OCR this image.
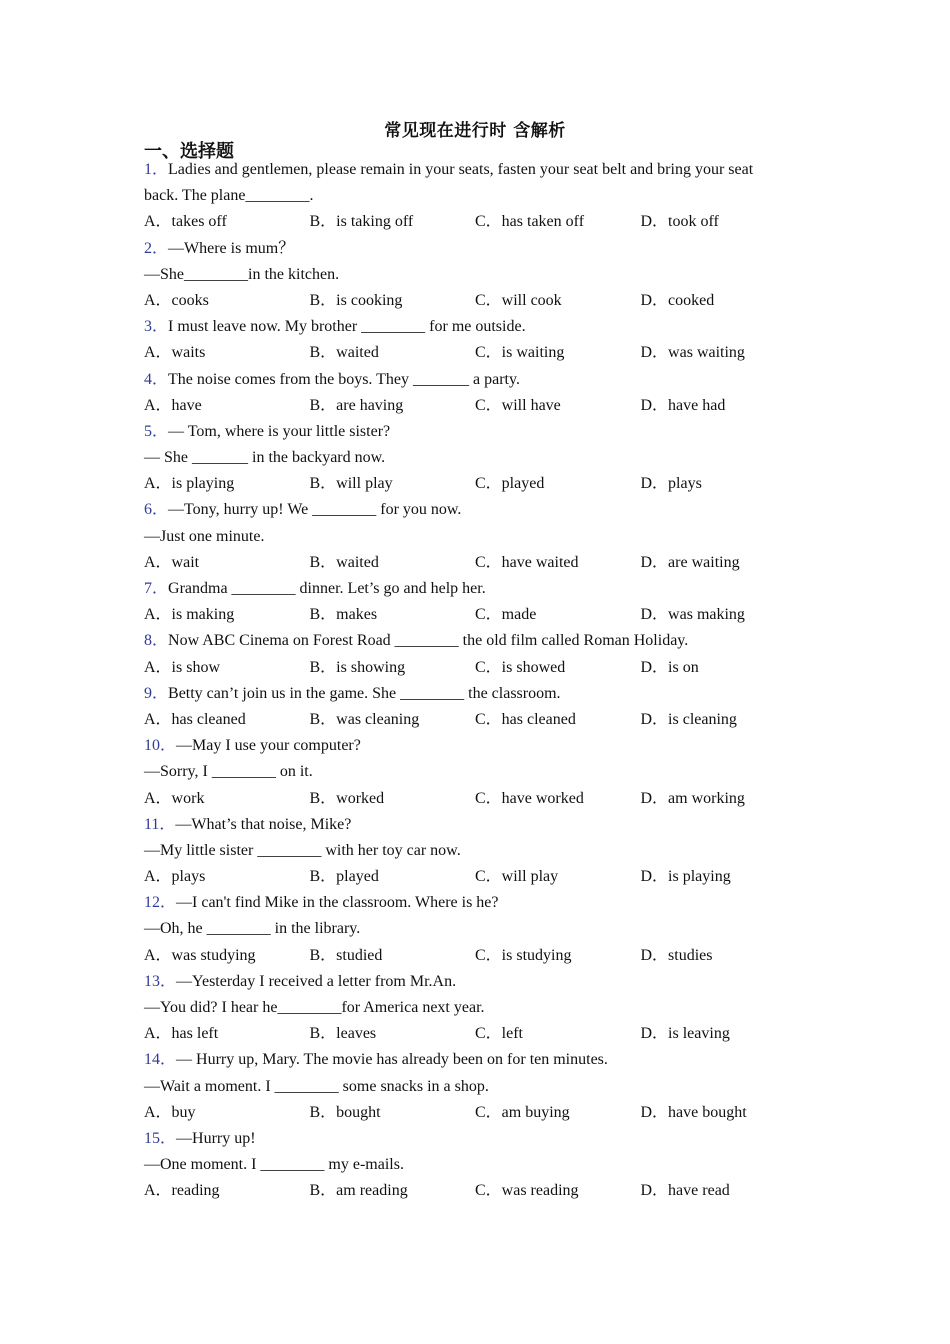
常见现在进行时 含解析
一、选择题
1．Ladies and gentlemen, please remain in your seats, fasten your seat belt and bring your seat
back. The plane________.
A．takes off	B．is taking off	C．has taken off	D．took off
2．—Where is mum？
—She________in the kitchen.
A．cooks	B．is cooking	C．will cook	D．cooked
3．I must leave now. My brother ________ for me outside.
A．waits	B．waited	C．is waiting	D．was waiting
4．The noise comes from the boys. They _______ a party.
A．have	B．are having	C．will have	D．have had
5．— Tom, where is your little sister?
— She _______ in the backyard now.
A．is playing	B．will play	C．played	D．plays
6．—Tony, hurry up! We ________ for you now.
—Just one minute.
A．wait	B．waited	C．have waited	D．are waiting
7．Grandma ________ dinner. Let’s go and help her.
A．is making	B．makes	C．made	D．was making
8．Now ABC Cinema on Forest Road ________ the old film called Roman Holiday.
A．is show	B．is showing	C．is showed	D．is on
9．Betty can’t join us in the game. She ________ the classroom.
A．has cleaned	B．was cleaning	C．has cleaned	D．is cleaning
10．—May I use your computer?
—Sorry, I ________ on it.
A．work	B．worked	C．have worked	D．am working
11．—What’s that noise, Mike?
—My little sister ________ with her toy car now.
A．plays	B．played	C．will play	D．is playing
12．—I can't find Mike in the classroom. Where is he?
—Oh, he ________ in the library.
A．was studying	B．studied	C．is studying	D．studies
13．—Yesterday I received a letter from Mr.An.
—You did? I hear he________for America next year.
A．has left	B．leaves	C．left	D．is leaving
14．— Hurry up, Mary. The movie has already been on for ten minutes.
—Wait a moment. I ________ some snacks in a shop.
A．buy	B．bought	C．am buying	D．have bought
15．—Hurry up!
—One moment. I ________ my e-mails.
A．reading	B．am reading	C．was reading	D．have read
